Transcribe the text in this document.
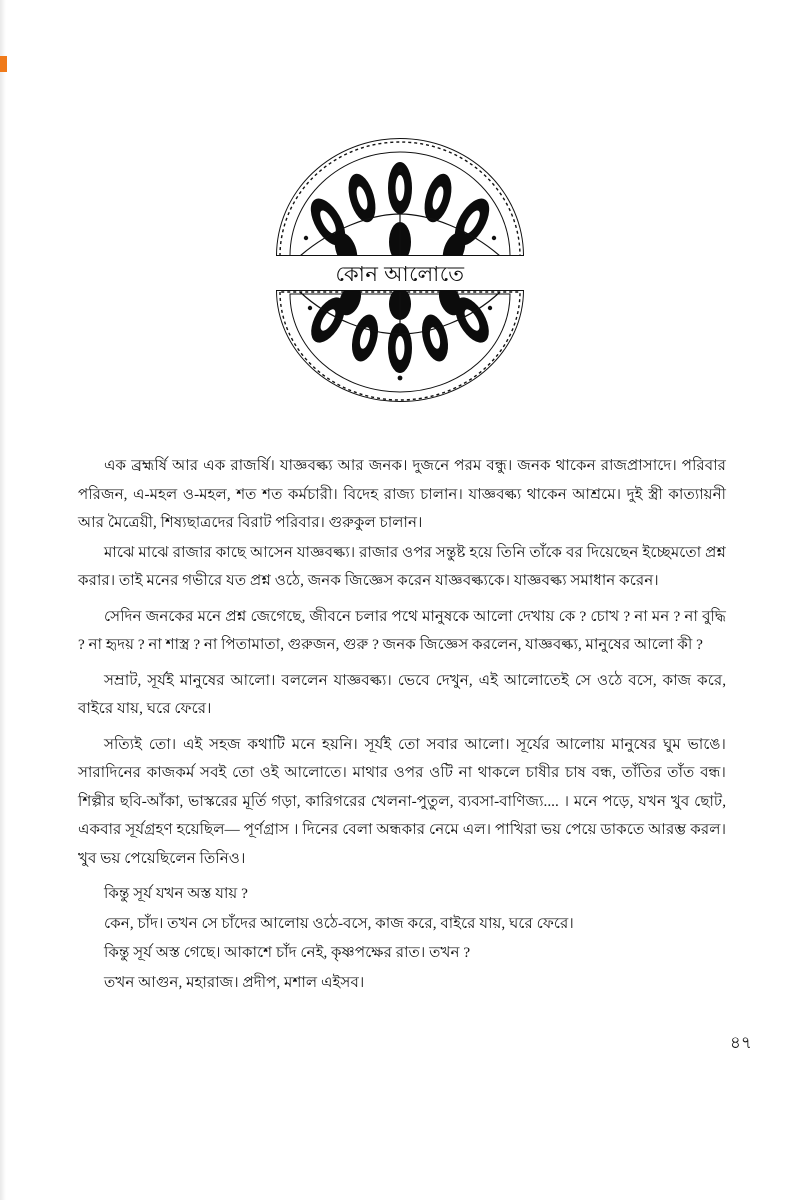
কোন আলোতে

এক ব্রহ্মর্ষি আর এক রাজর্ষি। যাজ্ঞবল্ক্য আর জনক। দুজনে পরম বন্ধু। জনক থাকেন রাজপ্রাসাদে। পরিবার পরিজন, এ-মহল ও-মহল, শত শত কর্মচারী। বিদেহ রাজ্য চালান। যাজ্ঞবল্ক্য থাকেন আশ্রমে। দুই স্ত্রী কাত্যায়নী আর মৈত্রেয়ী, শিষ্যছাত্রদের বিরাট পরিবার। গুরুকুল চালান।

মাঝে মাঝে রাজার কাছে আসেন যাজ্ঞবল্ক্য। রাজার ওপর সন্তুষ্ট হয়ে তিনি তাঁকে বর দিয়েছেন ইচ্ছেমতো প্রশ্ন করার। তাই মনের গভীরে যত প্রশ্ন ওঠে, জনক জিজ্ঞেস করেন যাজ্ঞবল্ক্যকে। যাজ্ঞবল্ক্য সমাধান করেন।

সেদিন জনকের মনে প্রশ্ন জেগেছে, জীবনে চলার পথে মানুষকে আলো দেখায় কে ? চোখ ? না মন ? না বুদ্ধি ? না হৃদয় ? না শাস্ত্র ? না পিতামাতা, গুরুজন, গুরু ? জনক জিজ্ঞেস করলেন, যাজ্ঞবল্ক্য, মানুষের আলো কী ?

সম্রাট, সূর্যই মানুষের আলো। বললেন যাজ্ঞবল্ক্য। ভেবে দেখুন, এই আলোতেই সে ওঠে বসে, কাজ করে, বাইরে যায়, ঘরে ফেরে।

সত্যিই তো। এই সহজ কথাটি মনে হয়নি। সূর্যই তো সবার আলো। সূর্যের আলোয় মানুষের ঘুম ভাঙে। সারাদিনের কাজকর্ম সবই তো ওই আলোতে। মাথার ওপর ওটি না থাকলে চাষীর চাষ বন্ধ, তাঁতির তাঁত বন্ধ। শিল্পীর ছবি-আঁকা, ভাস্করের মূর্তি গড়া, কারিগরের খেলনা-পুতুল, ব্যবসা-বাণিজ্য.... । মনে পড়ে, যখন খুব ছোট, একবার সূর্যগ্রহণ হয়েছিল— পূর্ণগ্রাস । দিনের বেলা অন্ধকার নেমে এল। পাখিরা ভয় পেয়ে ডাকতে আরম্ভ করল। খুব ভয় পেয়েছিলেন তিনিও।

কিন্তু সূর্য যখন অস্ত যায় ?

কেন, চাঁদ। তখন সে চাঁদের আলোয় ওঠে-বসে, কাজ করে, বাইরে যায়, ঘরে ফেরে।

কিন্তু সূর্য অস্ত গেছে। আকাশে চাঁদ নেই, কৃষ্ণপক্ষের রাত। তখন ?

তখন আগুন, মহারাজ। প্রদীপ, মশাল এইসব।

৪৭
